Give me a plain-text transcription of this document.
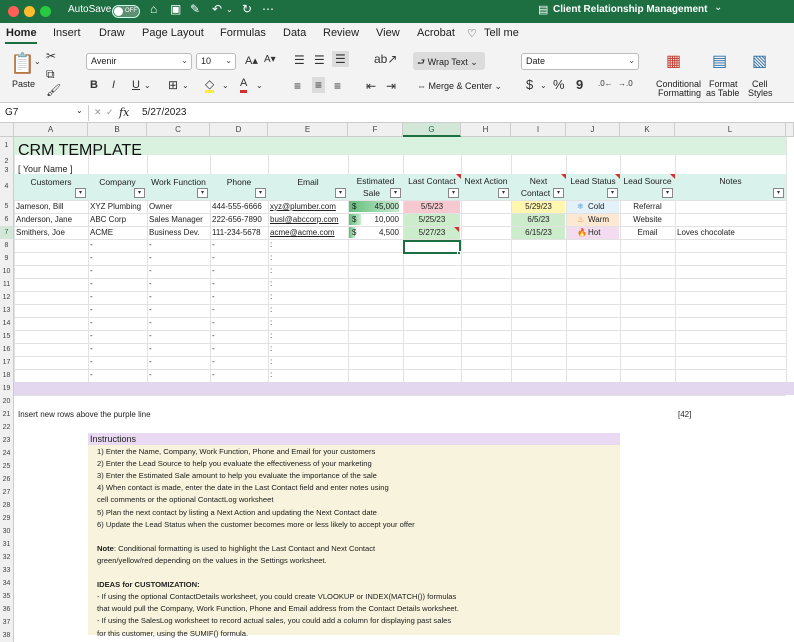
AutoSave	OFF ⌂ ▣ ✎ ↶ ⌄ ↻ ⋯	▤ Client Relationship Management ⌄
Home Insert Draw Page Layout Formulas Data Review View Acrobat ♡ Tell me
📋
Paste
⌄ ✂
⧉
🖌
Avenir	⌄	10 ⌄ A▴ A▾
B I U ⌄ ⊞ ⌄ ◇ ⌄ A ⌄
☰ ☰ ☰ ab↗
≡ ≡ ≡ ⇤ ⇥
⮐ Wrap Text ⌄
⇔ Merge & Center ⌄
Date	⌄
$ ⌄ % 9 .0← →.0
▦
Conditional
Formatting
▤
Format
as Table
▧
Cell
Styles
G7	⌄ ✕ ✓ fx 5/27/2023
A	B	C	D	E	F	G	H	I	J	K	L
1
2
3
4
5
6
7
8
9
10
11
12
13
14
15
16
17
18
19
20
21
22
23
24
25
26
27
28
29
30
31
32
33
34
35
36
37
38
CRM TEMPLATE
[ Your Name ]
Customers	Company	Work Function	Phone	Email	Estimated
Sale
Last Contact	Next Action	Next
Contact
Lead Status Lead Source	Notes
▾	▾	▾	▾	▾	▾	▾	▾	▾	▾	▾	▾
Jameson, Bill	XYZ Plumbing Owner	444-555-6666	xyz@plumber.com	$	45,000	5/5/23	5/29/23	❄ Cold	Referral
Anderson, Jane	ABC Corp	Sales Manager	222-656-7890	busl@abccorp.com	$	10,000	5/25/23	6/5/23	♨ Warm	Website
Smithers, Joe	ACME	Business Dev.	111-234-5678	acme@acme.com	$	4,500	5/27/23	6/15/23	🔥 Hot	Email	Loves chocolate
-	-	-	:
-	-	-	:
-	-	-	:
-	-	-	:
-	-	-	:
-	-	-	:
-	-	-	:
-	-	-	:
-	-	-	:
-	-	-	:
-	-	-	:
Insert new rows above the purple line	[42]
Instructions
1) Enter the Name, Company, Work Function, Phone and Email for your customers
2) Enter the Lead Source to help you evaluate the effectiveness of your marketing
3) Enter the Estimated Sale amount to help you evaluate the importance of the sale
4) When contact is made, enter the date in the Last Contact field and enter notes using
cell comments or the optional ContactLog worksheet
5) Plan the next contact by listing a Next Action and updating the Next Contact date
6) Update the Lead Status when the customer becomes more or less likely to accept your offer
Note: Conditional formatting is used to highlight the Last Contact and Next Contact
green/yellow/red depending on the values in the Settings worksheet.
IDEAS for CUSTOMIZATION:
- If using the optional ContactDetails worksheet, you could create VLOOKUP or INDEX(MATCH()) formulas
that would pull the Company, Work Function, Phone and Email address from the Contact Details worksheet.
- If using the SalesLog worksheet to record actual sales, you could add a column for displaying past sales
for this customer, using the SUMIF() formula.
